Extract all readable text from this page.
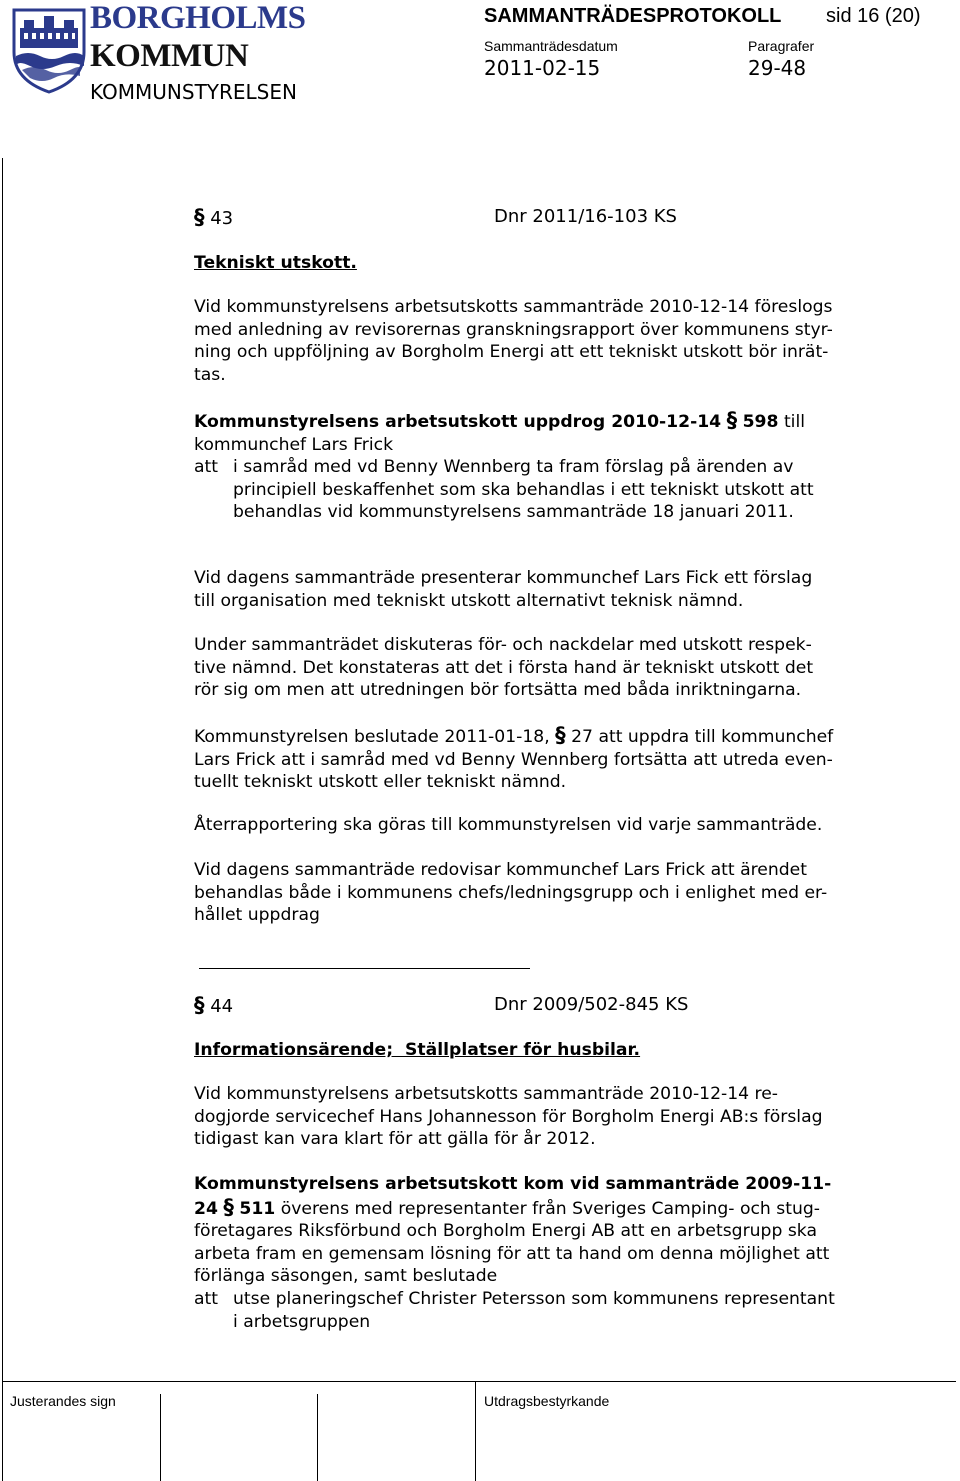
BORGHOLMS
KOMMUN
KOMMUNSTYRELSEN
SAMMANTRÄDESPROTOKOLL sid 16 (20)
Sammanträdesdatum
2011-02-15
Paragrafer
29-48
§ 43	Dnr 2011/16-103 KS
Tekniskt utskott.
Vid kommunstyrelsens arbetsutskotts sammanträde 2010-12-14 föreslogs
med anledning av revisorernas granskningsrapport över kommunens styr-
ning och uppföljning av Borgholm Energi att ett tekniskt utskott bör inrät-
tas.
Kommunstyrelsens arbetsutskott uppdrog 2010-12-14 § 598 till
kommunchef Lars Frick
att i samråd med vd Benny Wennberg ta fram förslag på ärenden av
principiell beskaffenhet som ska behandlas i ett tekniskt utskott att
behandlas vid kommunstyrelsens sammanträde 18 januari 2011.
Vid dagens sammanträde presenterar kommunchef Lars Fick ett förslag
till organisation med tekniskt utskott alternativt teknisk nämnd.
Under sammanträdet diskuteras för- och nackdelar med utskott respek-
tive nämnd. Det konstateras att det i första hand är tekniskt utskott det
rör sig om men att utredningen bör fortsätta med båda inriktningarna.
Kommunstyrelsen beslutade 2011-01-18, § 27 att uppdra till kommunchef
Lars Frick att i samråd med vd Benny Wennberg fortsätta att utreda even-
tuellt tekniskt utskott eller tekniskt nämnd.
Återrapportering ska göras till kommunstyrelsen vid varje sammanträde.
Vid dagens sammanträde redovisar kommunchef Lars Frick att ärendet
behandlas både i kommunens chefs/ledningsgrupp och i enlighet med er-
hållet uppdrag
§ 44	Dnr 2009/502-845 KS
Informationsärende;  Ställplatser för husbilar.
Vid kommunstyrelsens arbetsutskotts sammanträde 2010-12-14 re-
dogjorde servicechef Hans Johannesson för Borgholm Energi AB:s förslag
tidigast kan vara klart för att gälla för år 2012.
Kommunstyrelsens arbetsutskott kom vid sammanträde 2009-11-
24 § 511 överens med representanter från Sveriges Camping- och stug-
företagares Riksförbund och Borgholm Energi AB att en arbetsgrupp ska
arbeta fram en gemensam lösning för att ta hand om denna möjlighet att
förlänga säsongen, samt beslutade
att utse planeringschef Christer Petersson som kommunens representant
i arbetsgruppen
Justerandes sign	Utdragsbestyrkande
